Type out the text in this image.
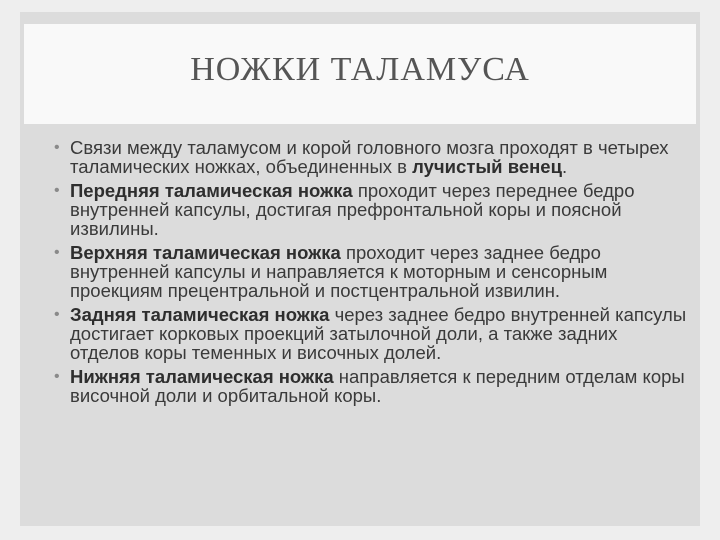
НОЖКИ ТАЛАМУСА
• Связи между таламусом и корой головного мозга проходят в четырех таламических ножках, объединенных в лучистый венец.
• Передняя таламическая ножка проходит через переднее бедро внутренней капсулы, достигая префронтальной коры и поясной извилины.
• Верхняя таламическая ножка проходит через заднее бедро внутренней капсулы и направляется к моторным и сенсорным проекциям прецентральной и постцентральной извилин.
• Задняя таламическая ножка через заднее бедро внутренней капсулы достигает корковых проекций затылочной доли, а также задних отделов коры теменных и височных долей.
• Нижняя таламическая ножка направляется к передним отделам коры височной доли и орбитальной коры.
